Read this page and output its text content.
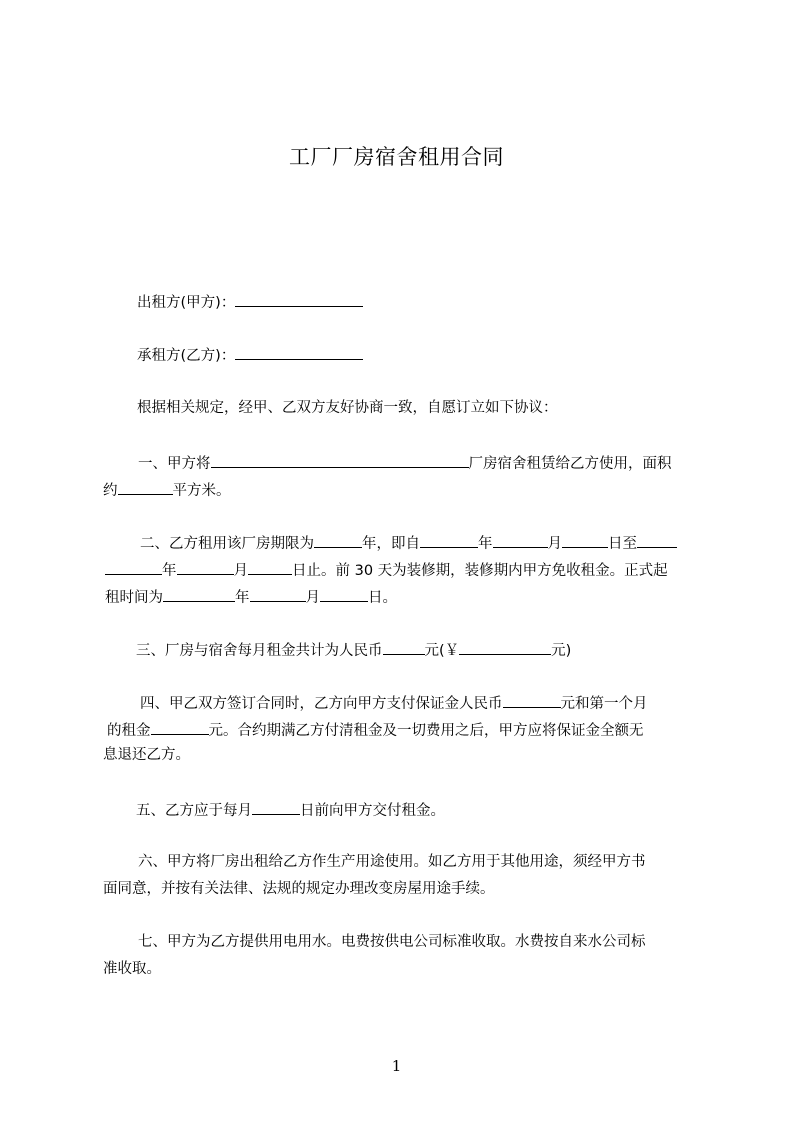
工厂厂房宿舍租用合同
出租方(甲方)：
承租方(乙方)：
根据相关规定，经甲、乙双方友好协商一致，自愿订立如下协议：
一、甲方将	厂房宿舍租赁给乙方使用，面积
约	平方米。
二、乙方租用该厂房期限为	年，即自	年	月	日至
年	月	日止。前 30 天为装修期，装修期内甲方免收租金。正式起
租时间为	年	月	日。
三、厂房与宿舍每月租金共计为人民币	元(￥	元)
四、甲乙双方签订合同时，乙方向甲方支付保证金人民币	元和第一个月
的租金	元。合约期满乙方付清租金及一切费用之后，甲方应将保证金全额无
息退还乙方。
五、乙方应于每月	日前向甲方交付租金。
六、甲方将厂房出租给乙方作生产用途使用。如乙方用于其他用途，须经甲方书
面同意，并按有关法律、法规的规定办理改变房屋用途手续。
七、甲方为乙方提供用电用水。电费按供电公司标准收取。水费按自来水公司标
准收取。
1
